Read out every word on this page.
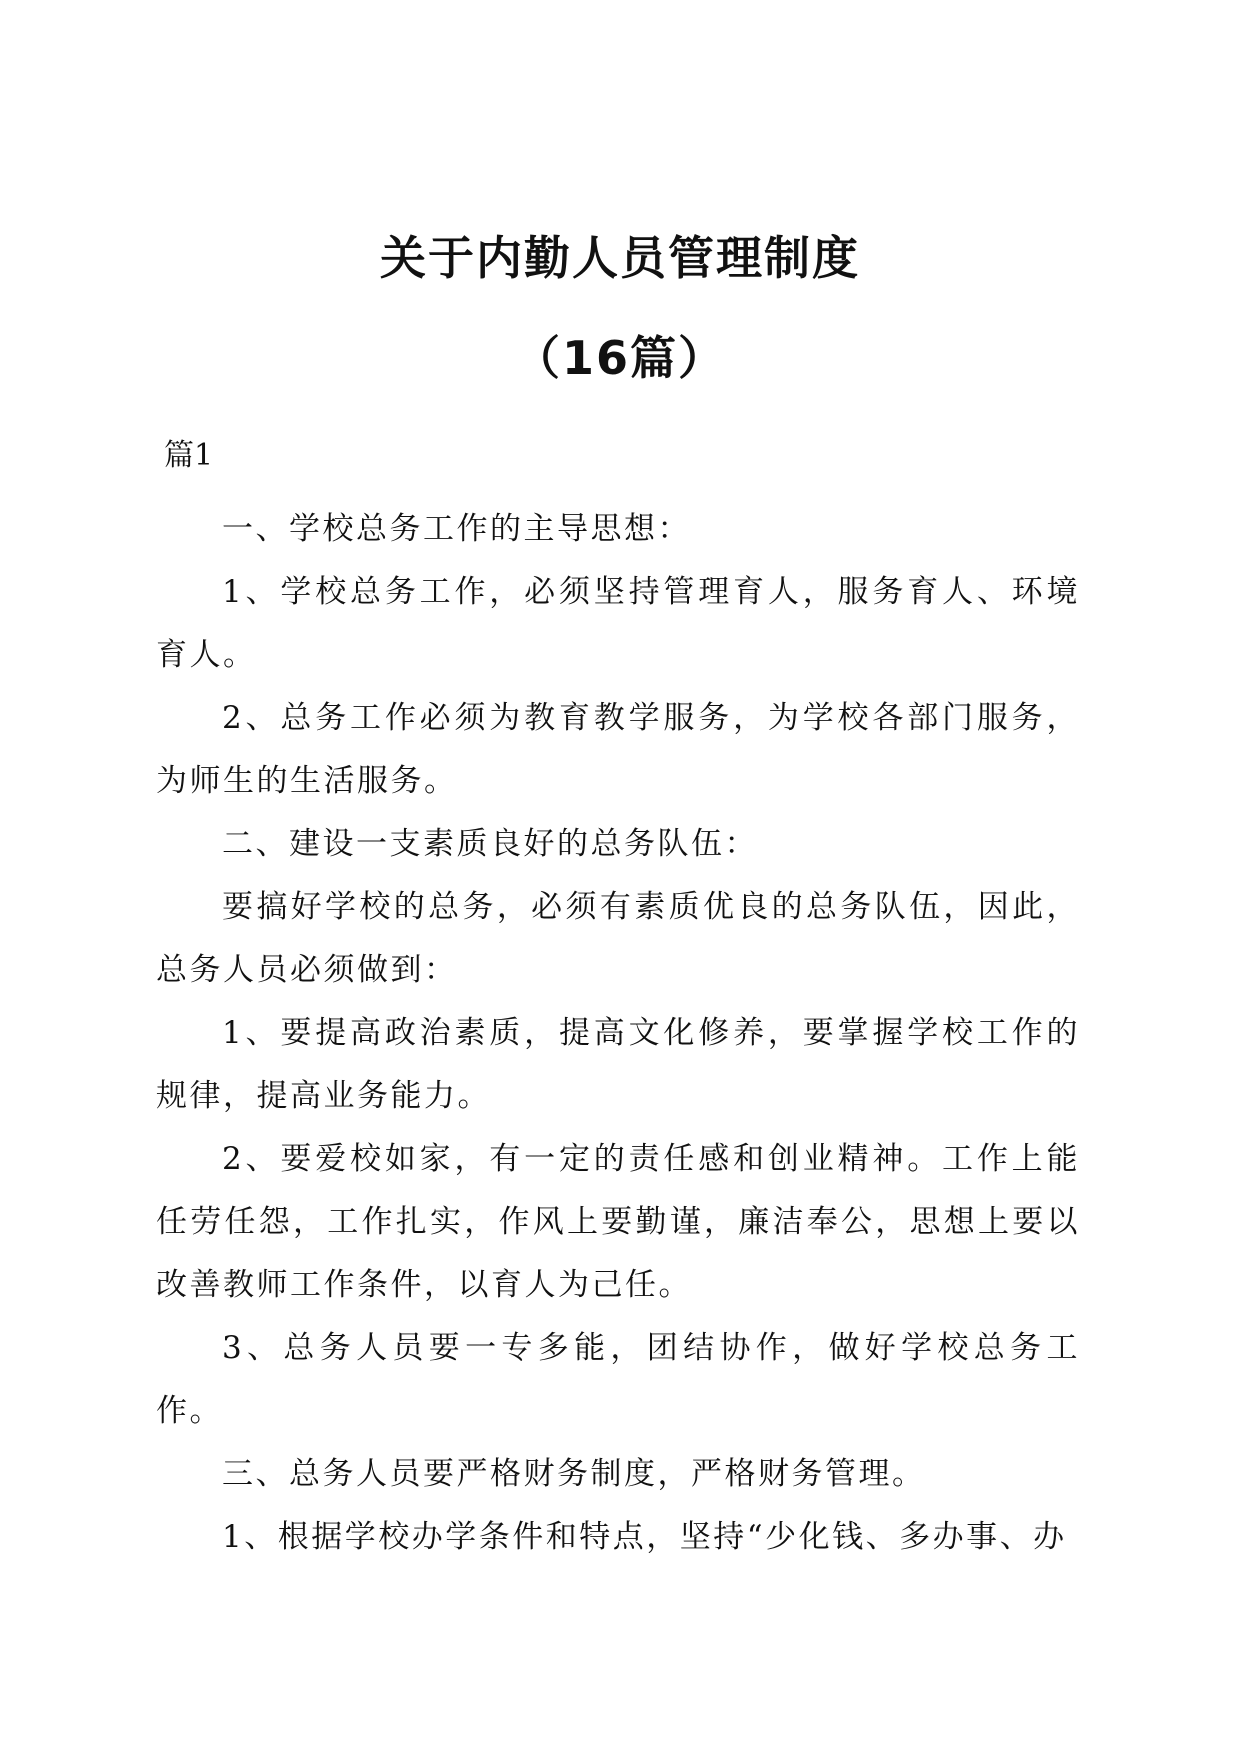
关于内勤人员管理制度
（16篇）
篇1

一、学校总务工作的主导思想：

1、学校总务工作，必须坚持管理育人，服务育人、环境育人。

2、总务工作必须为教育教学服务，为学校各部门服务，为师生的生活服务。

二、建设一支素质良好的总务队伍：

要搞好学校的总务，必须有素质优良的总务队伍，因此，总务人员必须做到：

1、要提高政治素质，提高文化修养，要掌握学校工作的规律，提高业务能力。

2、要爱校如家，有一定的责任感和创业精神。工作上能任劳任怨，工作扎实，作风上要勤谨，廉洁奉公，思想上要以改善教师工作条件，以育人为己任。

3、总务人员要一专多能，团结协作，做好学校总务工作。

三、总务人员要严格财务制度，严格财务管理。

1、根据学校办学条件和特点，坚持“少化钱、多办事、办
